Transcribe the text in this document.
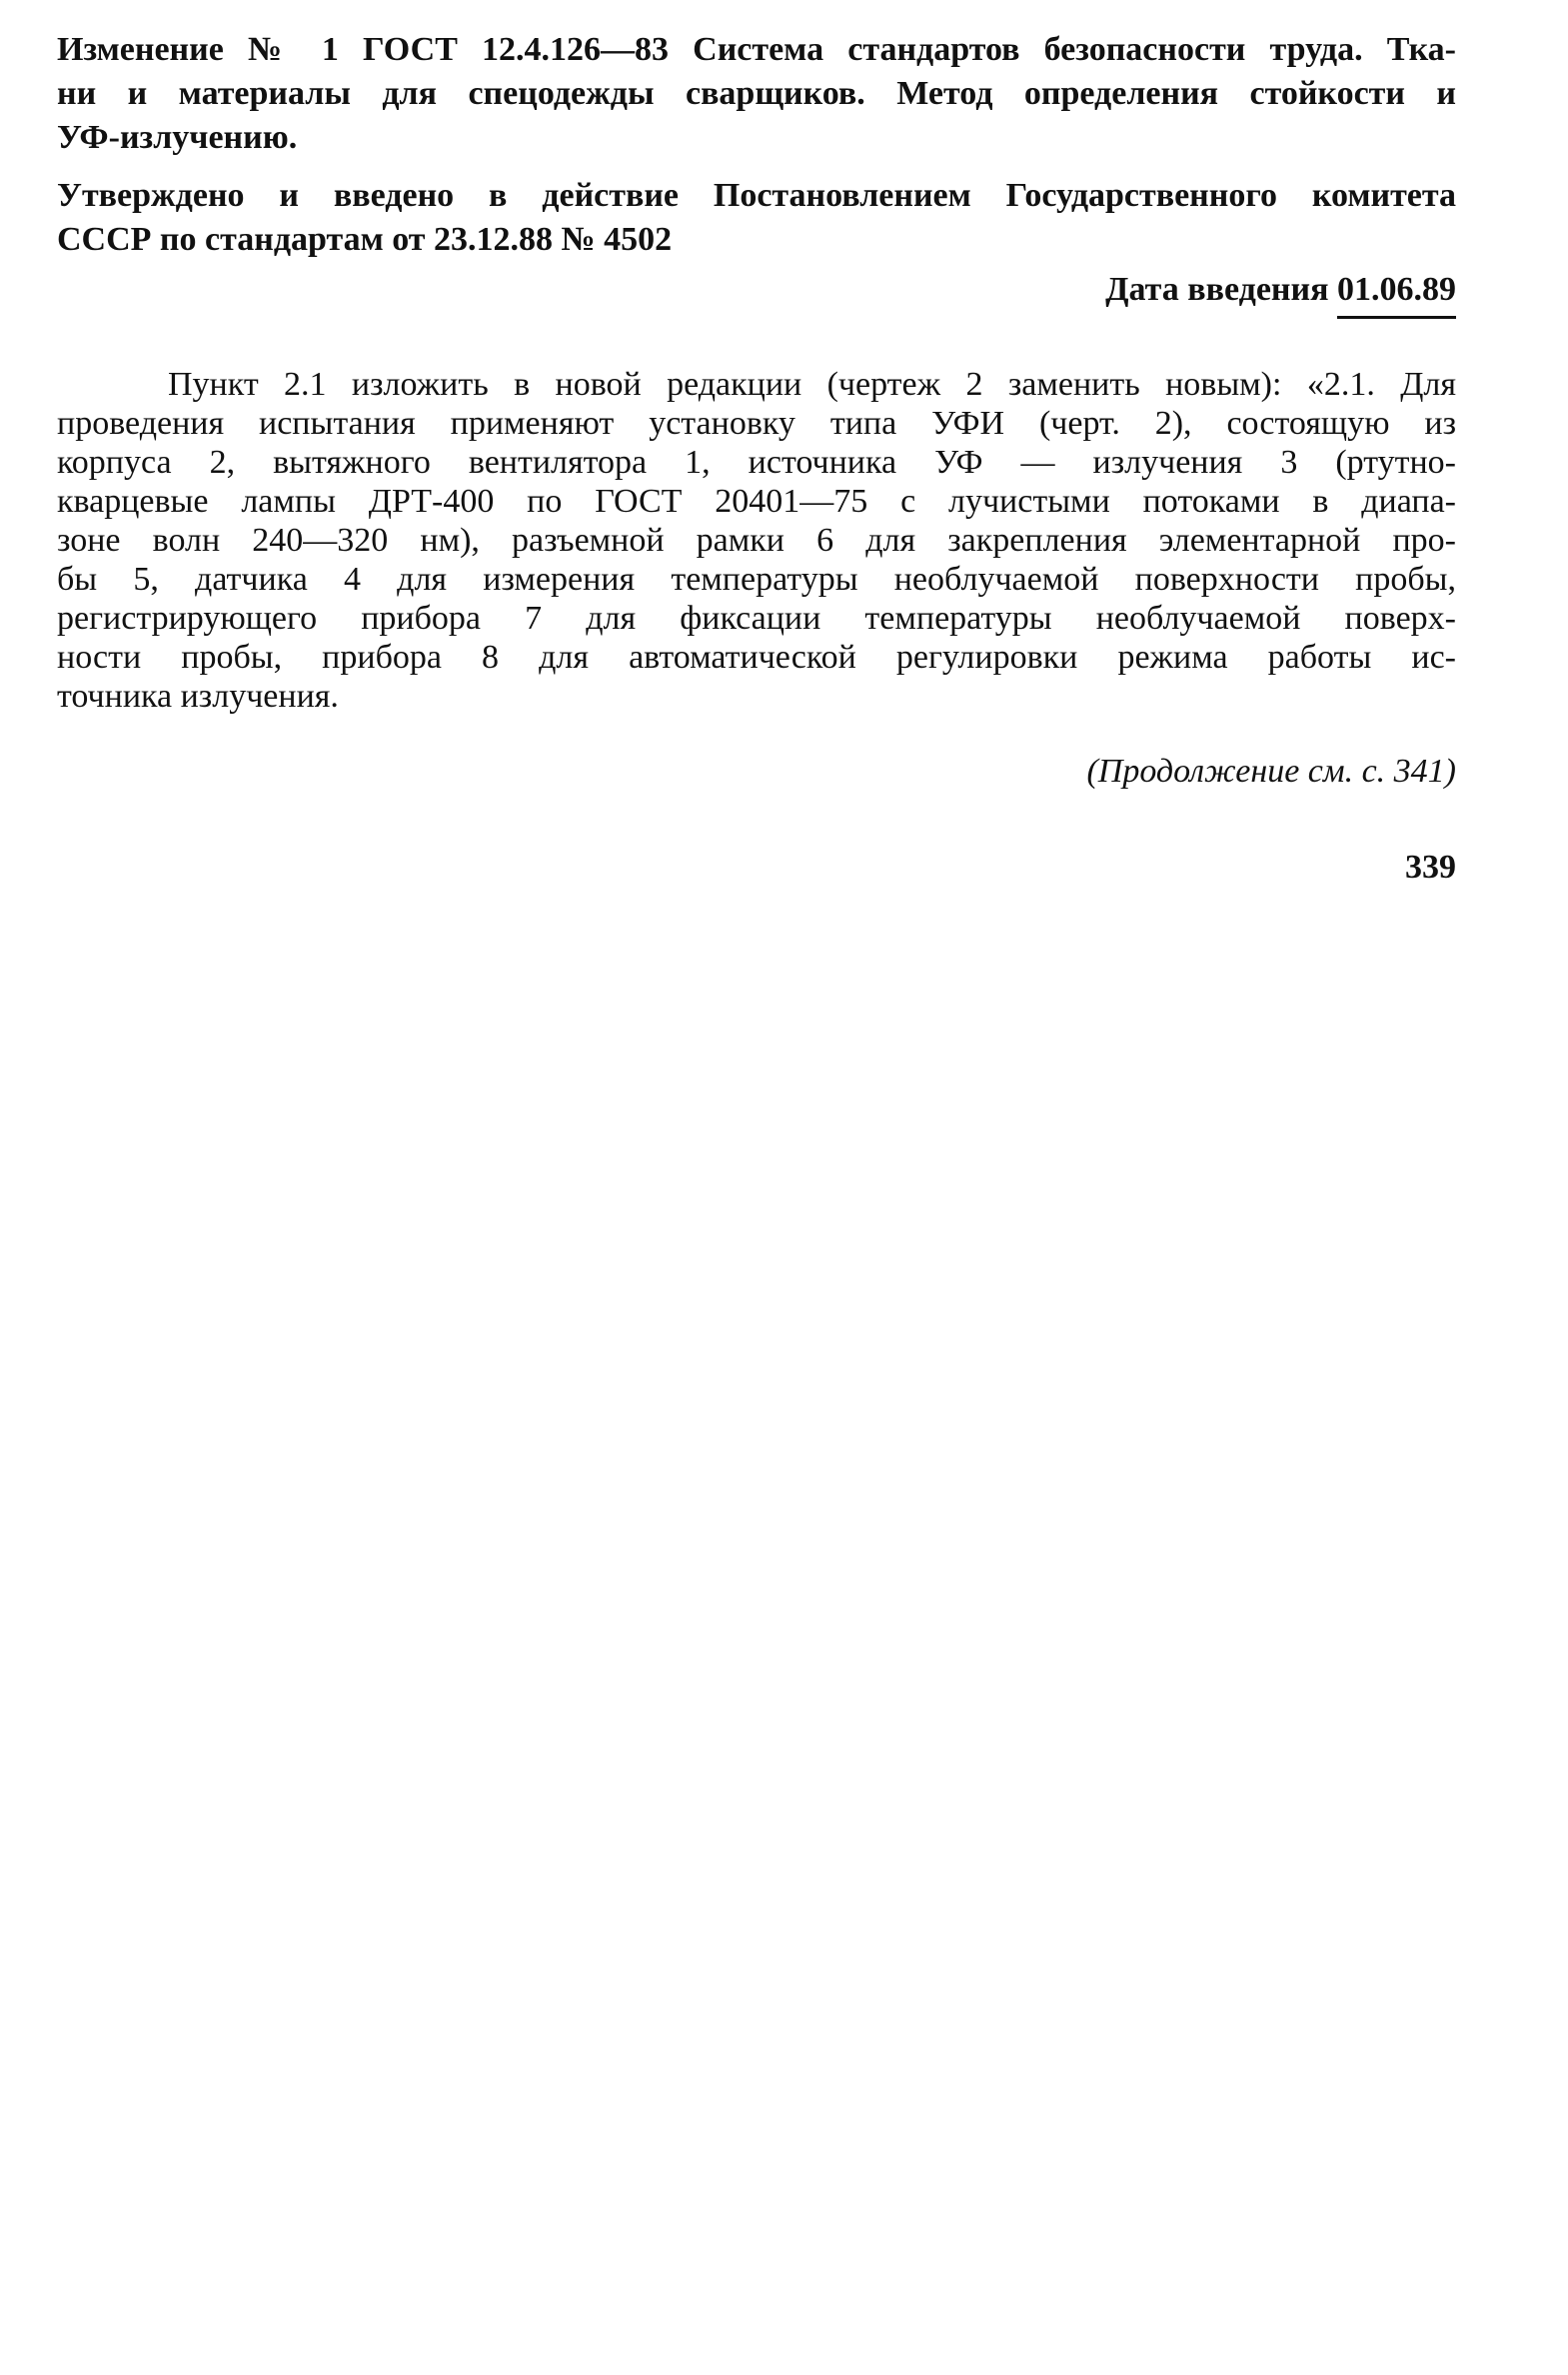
Изменение № 1 ГОСТ 12.4.126—83 Система стандартов безопасности труда. Тка-
ни и материалы для спецодежды сварщиков. Метод определения стойкости и
УФ-излучению.
Утверждено и введено в действие Постановлением Государственного комитета
СССР по стандартам от 23.12.88 № 4502
Дата введения 01.06.89
Пункт 2.1 изложить в новой редакции (чертеж 2 заменить новым): «2.1. Для
проведения испытания применяют установку типа УФИ (черт. 2), состоящую из
корпуса 2, вытяжного вентилятора 1, источника УФ — излучения 3 (ртутно-
кварцевые лампы ДРТ-400 по ГОСТ 20401—75 с лучистыми потоками в диапа-
зоне волн 240—320 нм), разъемной рамки 6 для закрепления элементарной про-
бы 5, датчика 4 для измерения температуры необлучаемой поверхности пробы,
регистрирующего прибора 7 для фиксации температуры необлучаемой поверх-
ности пробы, прибора 8 для автоматической регулировки режима работы ис-
точника излучения.
(Продолжение см. с. 341)
339
